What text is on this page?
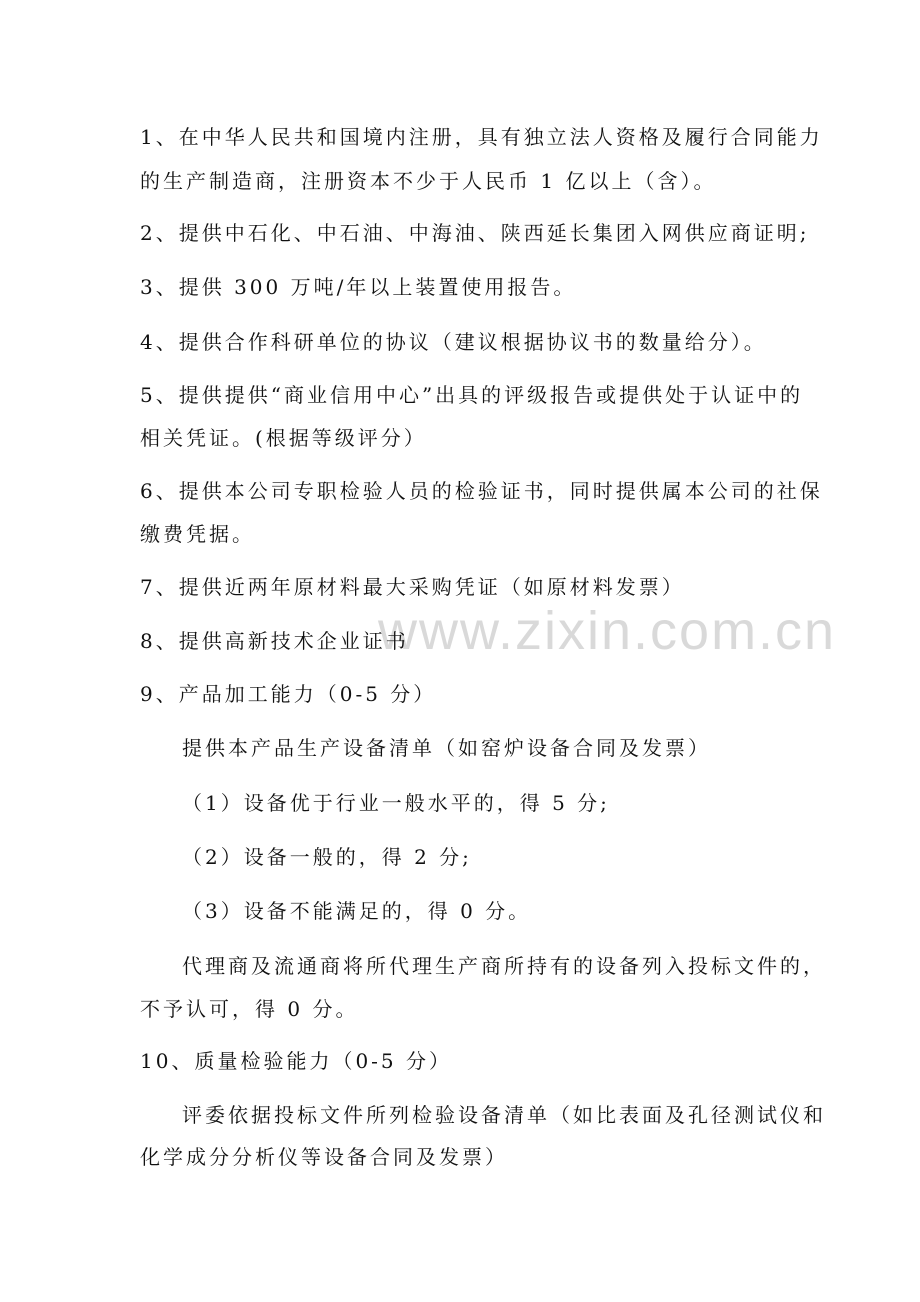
www.zixin.com.cn
1、在中华人民共和国境内注册，具有独立法人资格及履行合同能力
的生产制造商，注册资本不少于人民币 1 亿以上（含）。
2、提供中石化、中石油、中海油、陕西延长集团入网供应商证明;
3、提供 300 万吨/年以上装置使用报告。
4、提供合作科研单位的协议（建议根据协议书的数量给分）。
5、提供提供“商业信用中心”出具的评级报告或提供处于认证中的
相关凭证。(根据等级评分）
6、提供本公司专职检验人员的检验证书，同时提供属本公司的社保
缴费凭据。
7、提供近两年原材料最大采购凭证（如原材料发票）
8、提供高新技术企业证书
9、产品加工能力（0-5 分）
提供本产品生产设备清单（如窑炉设备合同及发票）
（1）设备优于行业一般水平的，得 5 分;
（2）设备一般的，得 2 分;
（3）设备不能满足的，得 0 分。
代理商及流通商将所代理生产商所持有的设备列入投标文件的，
不予认可，得 0 分。
10、质量检验能力（0-5 分）
评委依据投标文件所列检验设备清单（如比表面及孔径测试仪和
化学成分分析仪等设备合同及发票）
